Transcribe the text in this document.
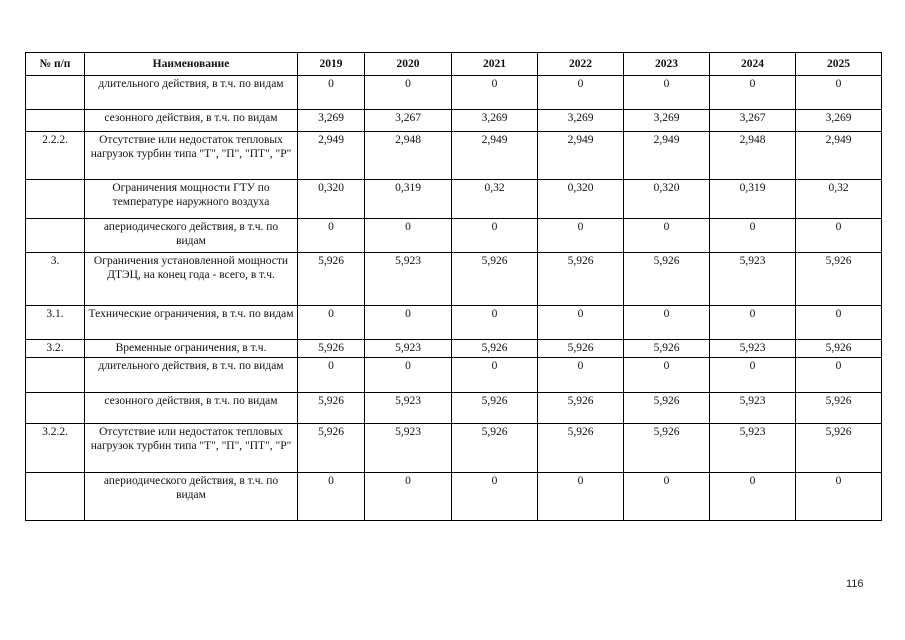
№ п/п	Наименование	2019	2020	2021	2022	2023	2024	2025
	длительного действия, в т.ч. по видам	0	0	0	0	0	0	0
	сезонного действия, в т.ч. по видам	3,269	3,267	3,269	3,269	3,269	3,267	3,269
2.2.2.	Отсутствие или недостаток тепловых нагрузок турбин типа "Т", "П", "ПТ", "Р"	2,949	2,948	2,949	2,949	2,949	2,948	2,949
	Ограничения мощности ГТУ по температуре наружного воздуха	0,320	0,319	0,32	0,320	0,320	0,319	0,32
	апериодического действия, в т.ч. по видам	0	0	0	0	0	0	0
3.	Ограничения установленной мощности ДТЭЦ, на конец года - всего, в т.ч.	5,926	5,923	5,926	5,926	5,926	5,923	5,926
3.1.	Технические ограничения, в т.ч. по видам	0	0	0	0	0	0	0
3.2.	Временные ограничения, в т.ч.	5,926	5,923	5,926	5,926	5,926	5,923	5,926
	длительного действия, в т.ч. по видам	0	0	0	0	0	0	0
	сезонного действия, в т.ч. по видам	5,926	5,923	5,926	5,926	5,926	5,923	5,926
3.2.2.	Отсутствие или недостаток тепловых нагрузок турбин типа "Т", "П", "ПТ", "Р"	5,926	5,923	5,926	5,926	5,926	5,923	5,926
	апериодического действия, в т.ч. по видам	0	0	0	0	0	0	0
116
